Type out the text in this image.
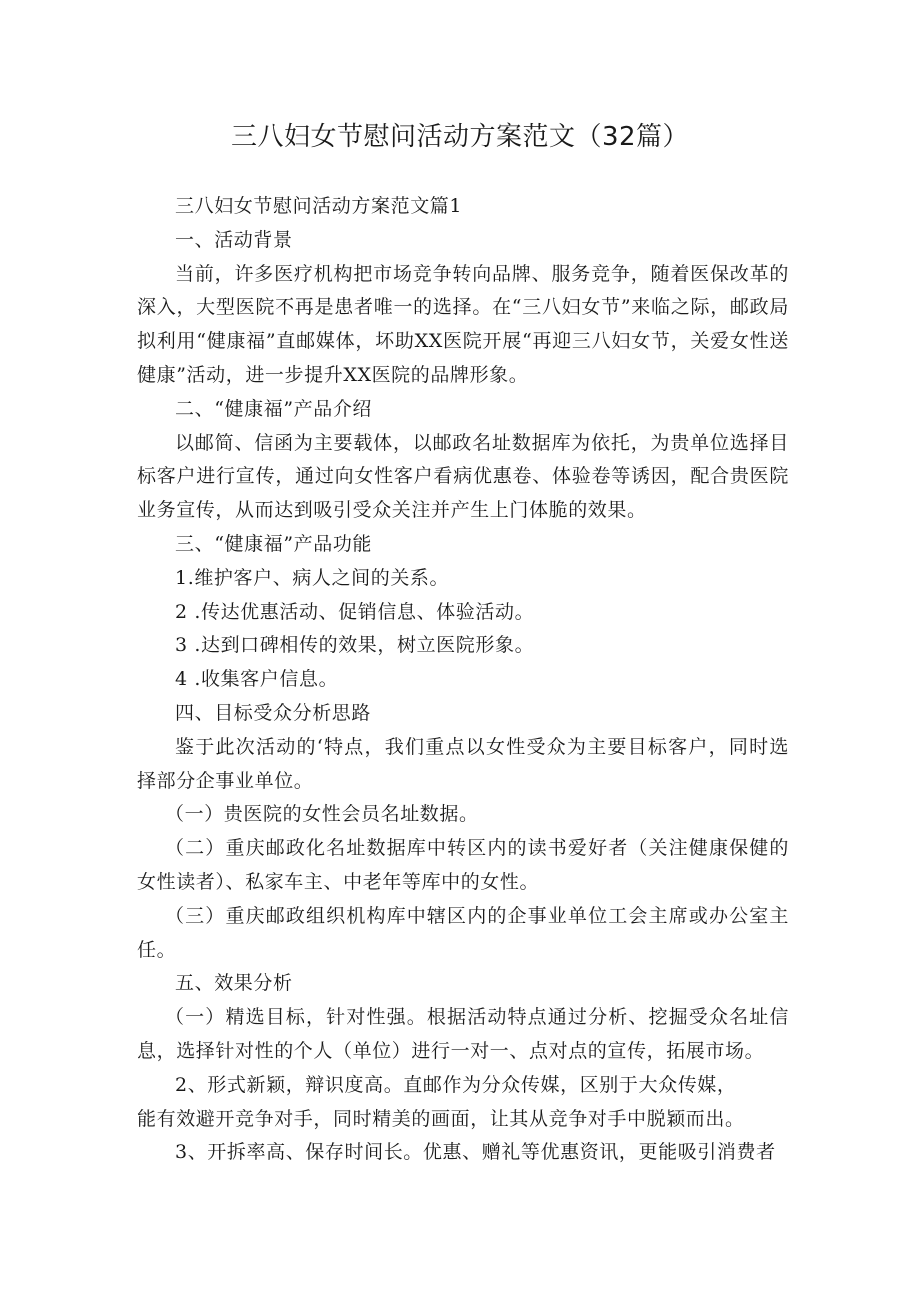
三八妇女节慰问活动方案范文（32篇）

三八妇女节慰问活动方案范文篇1

一、活动背景

当前，许多医疗机构把市场竞争转向品牌、服务竞争，随着医保改革的深入，大型医院不再是患者唯一的选择。在“三八妇女节”来临之际，邮政局拟利用“健康福”直邮媒体，坏助XX医院开展“再迎三八妇女节，关爱女性送健康”活动，进一步提升XX医院的品牌形象。

二、“健康福”产品介绍

以邮简、信函为主要载体，以邮政名址数据库为依托，为贵单位选择目标客户进行宣传，通过向女性客户看病优惠卷、体验卷等诱因，配合贵医院业务宣传，从而达到吸引受众关注并产生上门体脆的效果。

三、“健康福”产品功能

1.维护客户、病人之间的关系。

2 .传达优惠活动、促销信息、体验活动。

3 .达到口碑相传的效果，树立医院形象。

4 .收集客户信息。

四、目标受众分析思路

鉴于此次活动的‘特点，我们重点以女性受众为主要目标客户，同时选择部分企事业单位。

（一）贵医院的女性会员名址数据。

（二）重庆邮政化名址数据库中转区内的读书爱好者（关注健康保健的女性读者）、私家车主、中老年等库中的女性。

（三）重庆邮政组织机构库中辖区内的企事业单位工会主席或办公室主任。

五、效果分析

（一）精选目标，针对性强。根据活动特点通过分析、挖掘受众名址信息，选择针对性的个人（单位）进行一对一、点对点的宣传，拓展市场。

2、形式新颖，辩识度高。直邮作为分众传媒，区别于大众传媒，

能有效避开竞争对手，同时精美的画面，让其从竞争对手中脱颖而出。

3、开拆率高、保存时间长。优惠、赠礼等优惠资讯，更能吸引消费者
